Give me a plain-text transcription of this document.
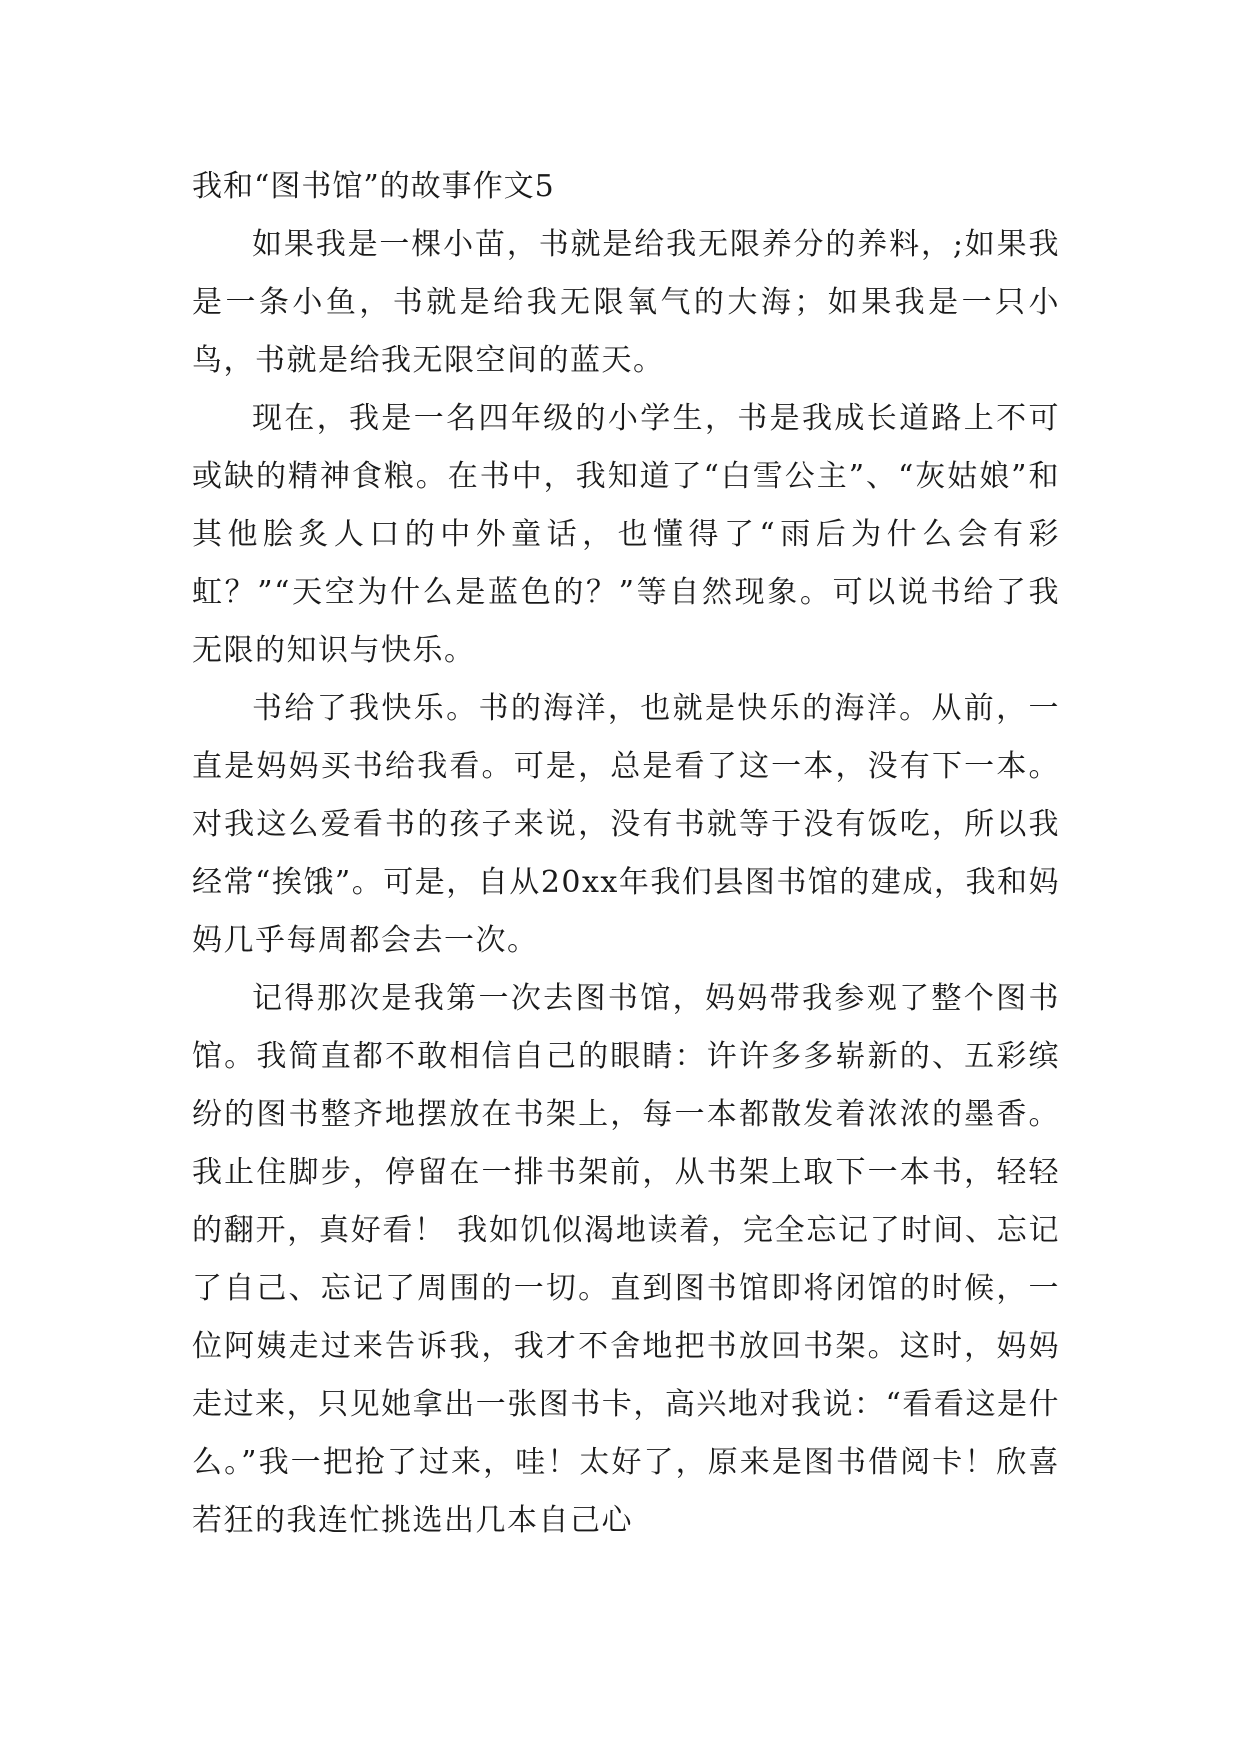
我和“图书馆”的故事作文5

如果我是一棵小苗，书就是给我无限养分的养料，;如果我是一条小鱼，书就是给我无限氧气的大海；如果我是一只小鸟，书就是给我无限空间的蓝天。

现在，我是一名四年级的小学生，书是我成长道路上不可或缺的精神食粮。在书中，我知道了“白雪公主”、“灰姑娘”和其他脍炙人口的中外童话，也懂得了“雨后为什么会有彩虹？”“天空为什么是蓝色的？”等自然现象。可以说书给了我无限的知识与快乐。

书给了我快乐。书的海洋，也就是快乐的海洋。从前，一直是妈妈买书给我看。可是，总是看了这一本，没有下一本。对我这么爱看书的孩子来说，没有书就等于没有饭吃，所以我经常“挨饿”。可是，自从20xx年我们县图书馆的建成，我和妈妈几乎每周都会去一次。

记得那次是我第一次去图书馆，妈妈带我参观了整个图书馆。我简直都不敢相信自己的眼睛：许许多多崭新的、五彩缤纷的图书整齐地摆放在书架上，每一本都散发着浓浓的墨香。我止住脚步，停留在一排书架前，从书架上取下一本书，轻轻的翻开，真好看！ 我如饥似渴地读着，完全忘记了时间、忘记了自己、忘记了周围的一切。直到图书馆即将闭馆的时候，一位阿姨走过来告诉我，我才不舍地把书放回书架。这时，妈妈走过来，只见她拿出一张图书卡，高兴地对我说：“看看这是什么。”我一把抢了过来，哇！太好了，原来是图书借阅卡！欣喜若狂的我连忙挑选出几本自己心
